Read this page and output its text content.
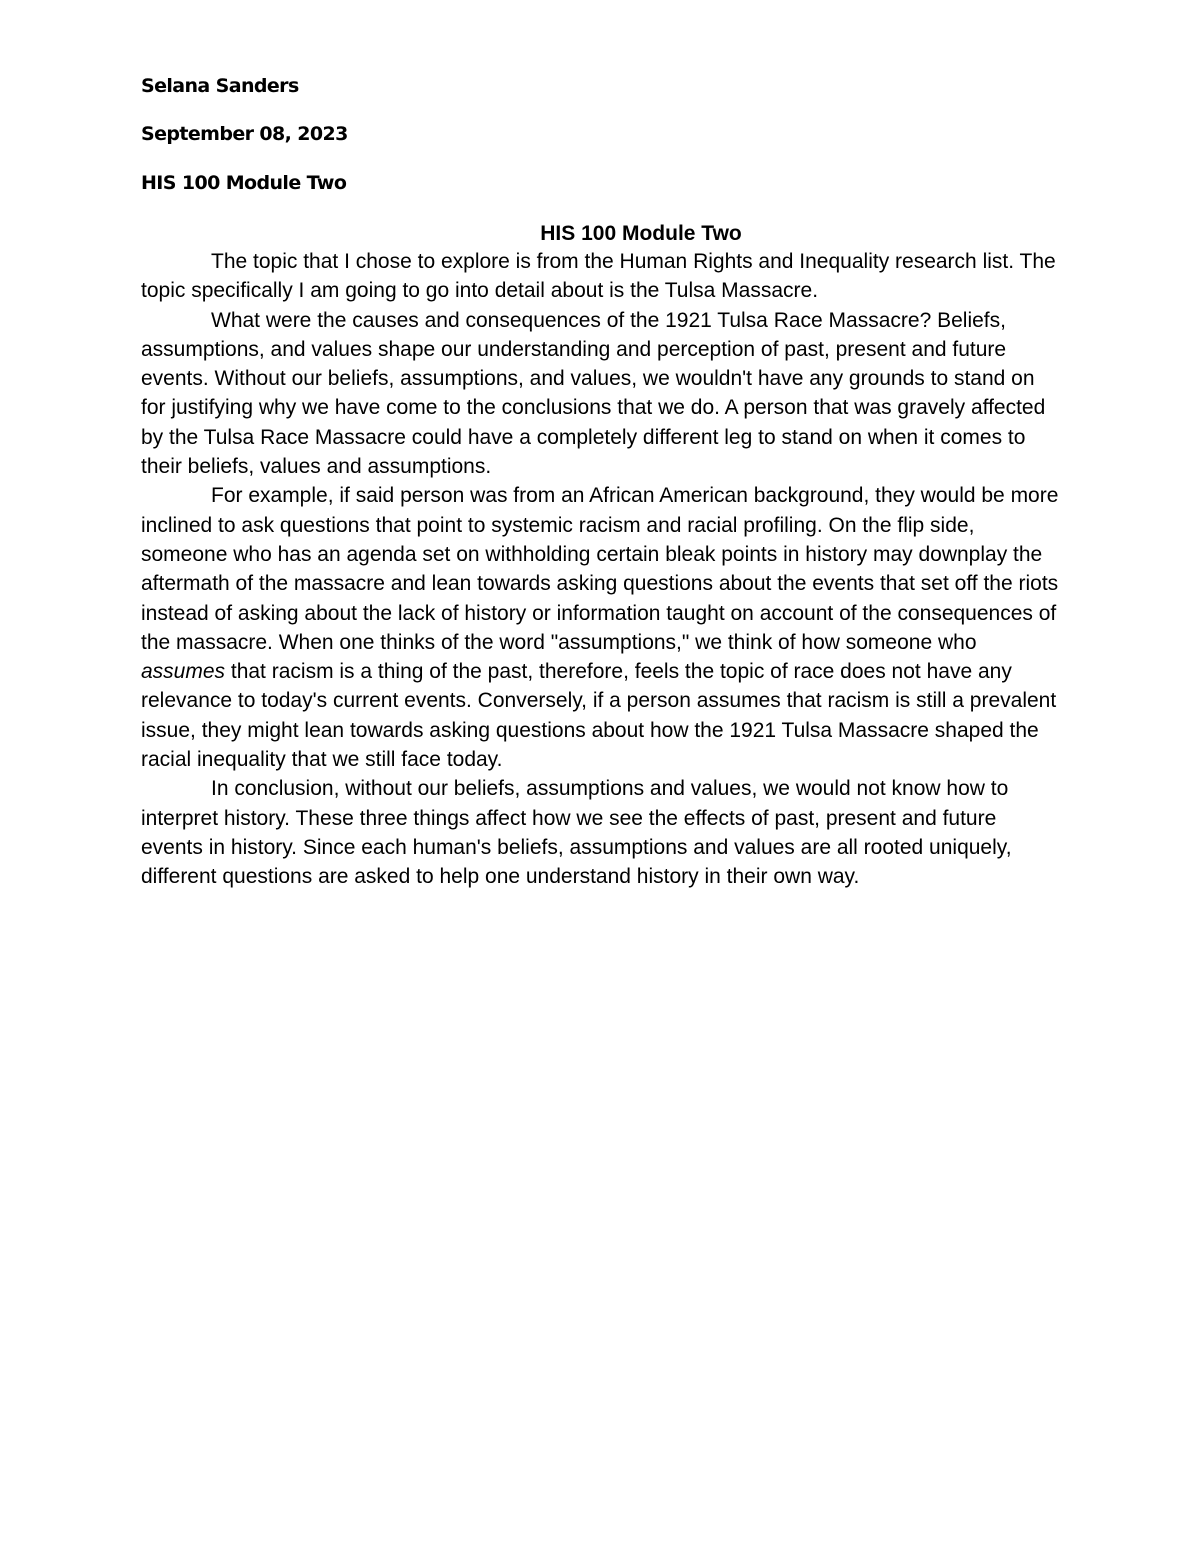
Selana Sanders

September 08, 2023

HIS 100 Module Two

HIS 100 Module Two

The topic that I chose to explore is from the Human Rights and Inequality research list. The topic specifically I am going to go into detail about is the Tulsa Massacre.

What were the causes and consequences of the 1921 Tulsa Race Massacre? Beliefs, assumptions, and values shape our understanding and perception of past, present and future events. Without our beliefs, assumptions, and values, we wouldn't have any grounds to stand on for justifying why we have come to the conclusions that we do. A person that was gravely affected by the Tulsa Race Massacre could have a completely different leg to stand on when it comes to their beliefs, values and assumptions.

For example, if said person was from an African American background, they would be more inclined to ask questions that point to systemic racism and racial profiling. On the flip side, someone who has an agenda set on withholding certain bleak points in history may downplay the aftermath of the massacre and lean towards asking questions about the events that set off the riots instead of asking about the lack of history or information taught on account of the consequences of the massacre. When one thinks of the word "assumptions," we think of how someone who assumes that racism is a thing of the past, therefore, feels the topic of race does not have any relevance to today's current events. Conversely, if a person assumes that racism is still a prevalent issue, they might lean towards asking questions about how the 1921 Tulsa Massacre shaped the racial inequality that we still face today.

In conclusion, without our beliefs, assumptions and values, we would not know how to interpret history. These three things affect how we see the effects of past, present and future events in history. Since each human's beliefs, assumptions and values are all rooted uniquely, different questions are asked to help one understand history in their own way.
